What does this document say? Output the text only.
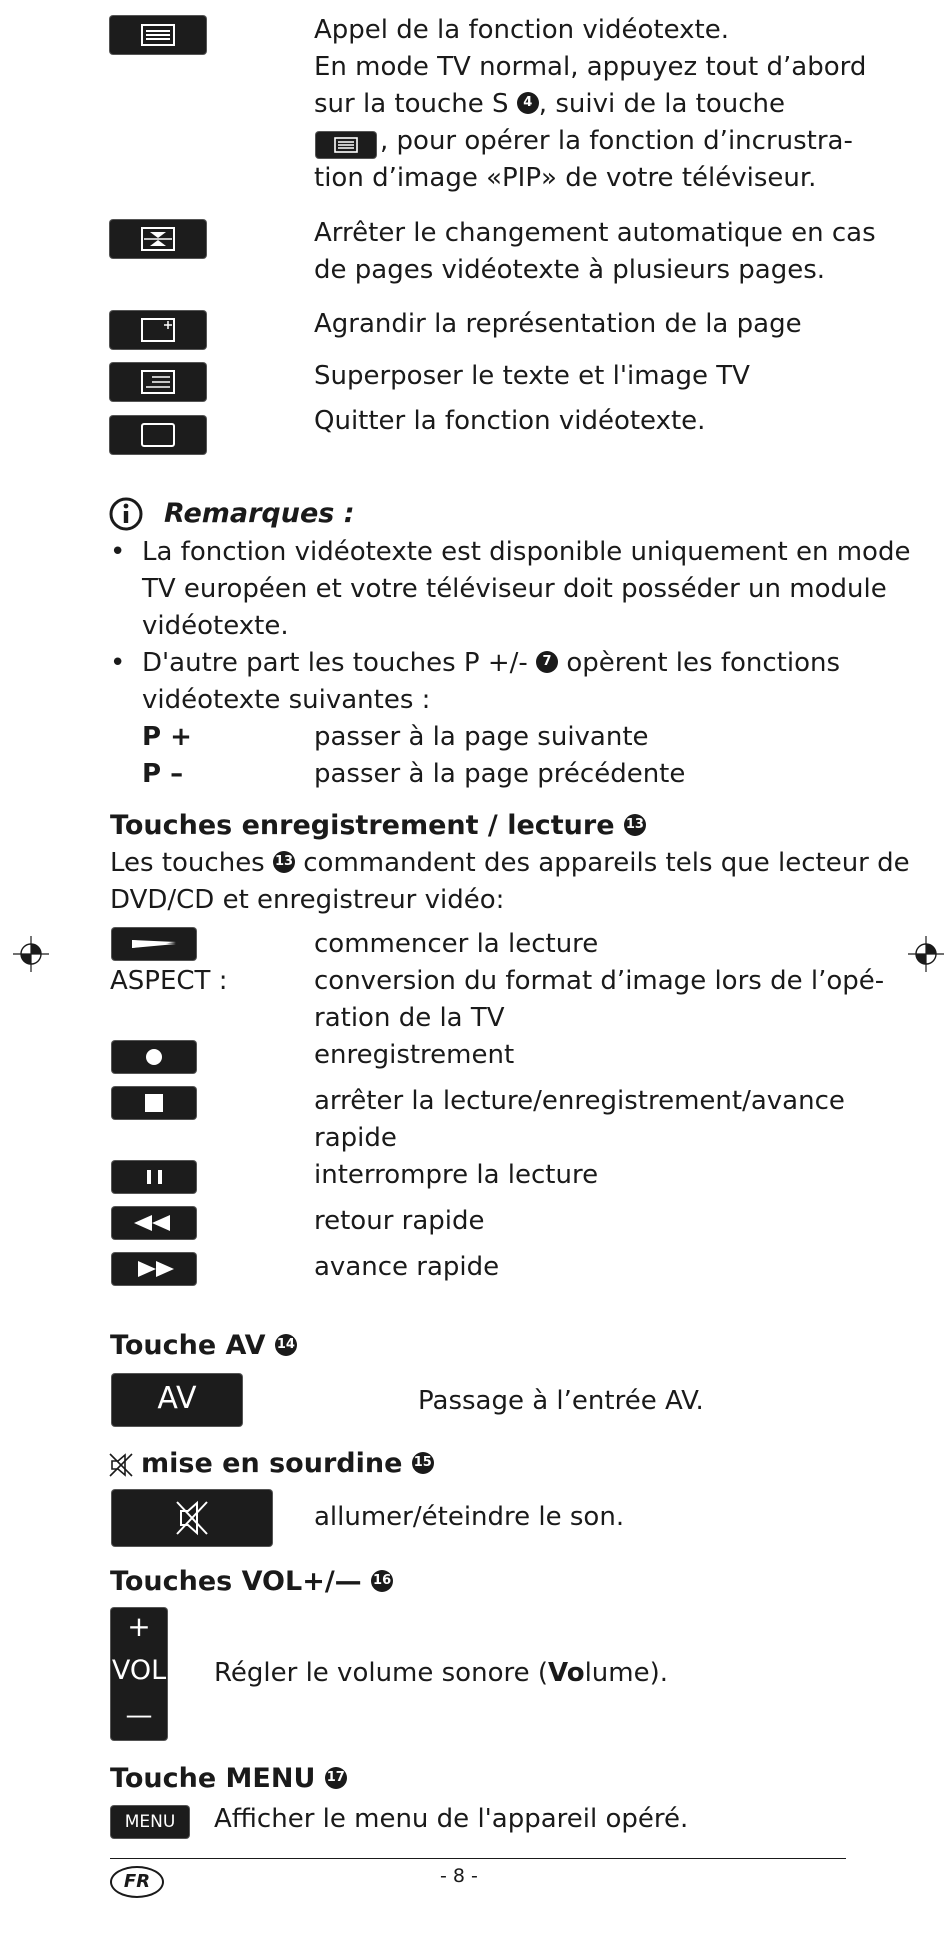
Appel de la fonction vidéotexte.
En mode TV normal, appuyez tout d’abord
sur la touche S 4 , suivi de la touche
, pour opérer la fonction d’incrustra-
tion d’image «PIP» de votre téléviseur.
Arrêter le changement automatique en cas
de pages vidéotexte à plusieurs pages.
Agrandir la représentation de la page
Superposer le texte et l'image TV
Quitter la fonction vidéotexte.
Remarques :
• La fonction vidéotexte est disponible uniquement en mode
TV européen et votre téléviseur doit posséder un module
vidéotexte.
• D'autre part les touches P +/- 7 opèrent les fonctions
vidéotexte suivantes :
P +	passer à la page suivante
P –	passer à la page précédente
Touches enregistrement / lecture 13
Les touches 13 commandent des appareils tels que lecteur de
DVD/CD et enregistreur vidéo:
commencer la lecture
ASPECT :	conversion du format d’image lors de l’opé-
ration de la TV
enregistrement
arrêter la lecture/enregistrement/avance
rapide
interrompre la lecture
retour rapide
avance rapide
Touche AV 14
AV	Passage à l’entrée AV.
mise en sourdine 15
allumer/éteindre le son.
Touches VOL+/— 16
+
VOL
—
Régler le volume sonore (Volume).
Touche MENU 17
MENU	Afficher le menu de l'appareil opéré.
FR	- 8 -
